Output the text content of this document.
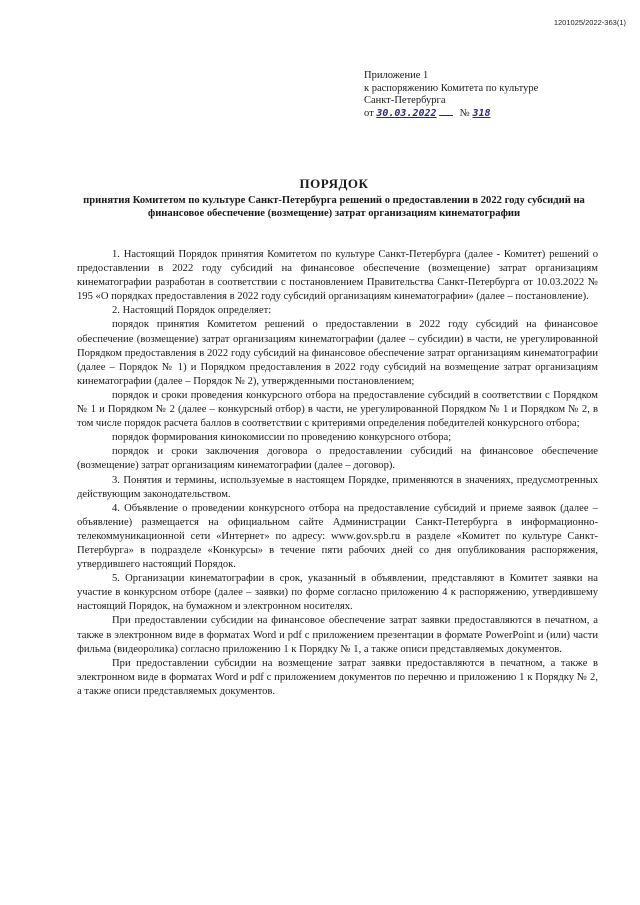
1201025/2022-363(1)
Приложение 1
к распоряжению Комитета по культуре
Санкт-Петербурга
от 30.03.2022 № 318
ПОРЯДОК
принятия Комитетом по культуре Санкт-Петербурга решений о предоставлении в 2022 году субсидий на финансовое обеспечение (возмещение) затрат организациям кинематографии

1. Настоящий Порядок принятия Комитетом по культуре Санкт-Петербурга (далее - Комитет) решений о предоставлении в 2022 году субсидий на финансовое обеспечение (возмещение) затрат организациям кинематографии разработан в соответствии с постановлением Правительства Санкт-Петербурга от 10.03.2022 № 195 «О порядках предоставления в 2022 году субсидий организациям кинематографии» (далее – постановление).

2. Настоящий Порядок определяет:

порядок принятия Комитетом решений о предоставлении в 2022 году субсидий на финансовое обеспечение (возмещение) затрат организациям кинематографии (далее – субсидии) в части, не урегулированной Порядком предоставления в 2022 году субсидий на финансовое обеспечение затрат организациям кинематографии (далее – Порядок № 1) и Порядком предоставления в 2022 году субсидий на возмещение затрат организациям кинематографии (далее – Порядок № 2), утвержденными постановлением;

порядок и сроки проведения конкурсного отбора на предоставление субсидий в соответствии с Порядком № 1 и Порядком № 2 (далее – конкурсный отбор) в части, не урегулированной Порядком № 1 и Порядком № 2, в том числе порядок расчета баллов в соответствии с критериями определения победителей конкурсного отбора;

порядок формирования кинокомиссии по проведению конкурсного отбора;

порядок и сроки заключения договора о предоставлении субсидий на финансовое обеспечение (возмещение) затрат организациям кинематографии (далее – договор).

3. Понятия и термины, используемые в настоящем Порядке, применяются в значениях, предусмотренных действующим законодательством.

4. Объявление о проведении конкурсного отбора на предоставление субсидий и приеме заявок (далее – объявление) размещается на официальном сайте Администрации Санкт-Петербурга в информационно-телекоммуникационной сети «Интернет» по адресу: www.gov.spb.ru в разделе «Комитет по культуре Санкт-Петербурга» в подразделе «Конкурсы» в течение пяти рабочих дней со дня опубликования распоряжения, утвердившего настоящий Порядок.

5. Организации кинематографии в срок, указанный в объявлении, представляют в Комитет заявки на участие в конкурсном отборе (далее – заявки) по форме согласно приложению 4 к распоряжению, утвердившему настоящий Порядок, на бумажном и электронном носителях.

При предоставлении субсидии на финансовое обеспечение затрат заявки предоставляются в печатном, а также в электронном виде в форматах Word и pdf с приложением презентации в формате PowerPoint и (или) части фильма (видеоролика) согласно приложению 1 к Порядку № 1, а также описи представляемых документов.

При предоставлении субсидии на возмещение затрат заявки предоставляются в печатном, а также в электронном виде в форматах Word и pdf с приложением документов по перечню и приложению 1 к Порядку № 2, а также описи представляемых документов.
